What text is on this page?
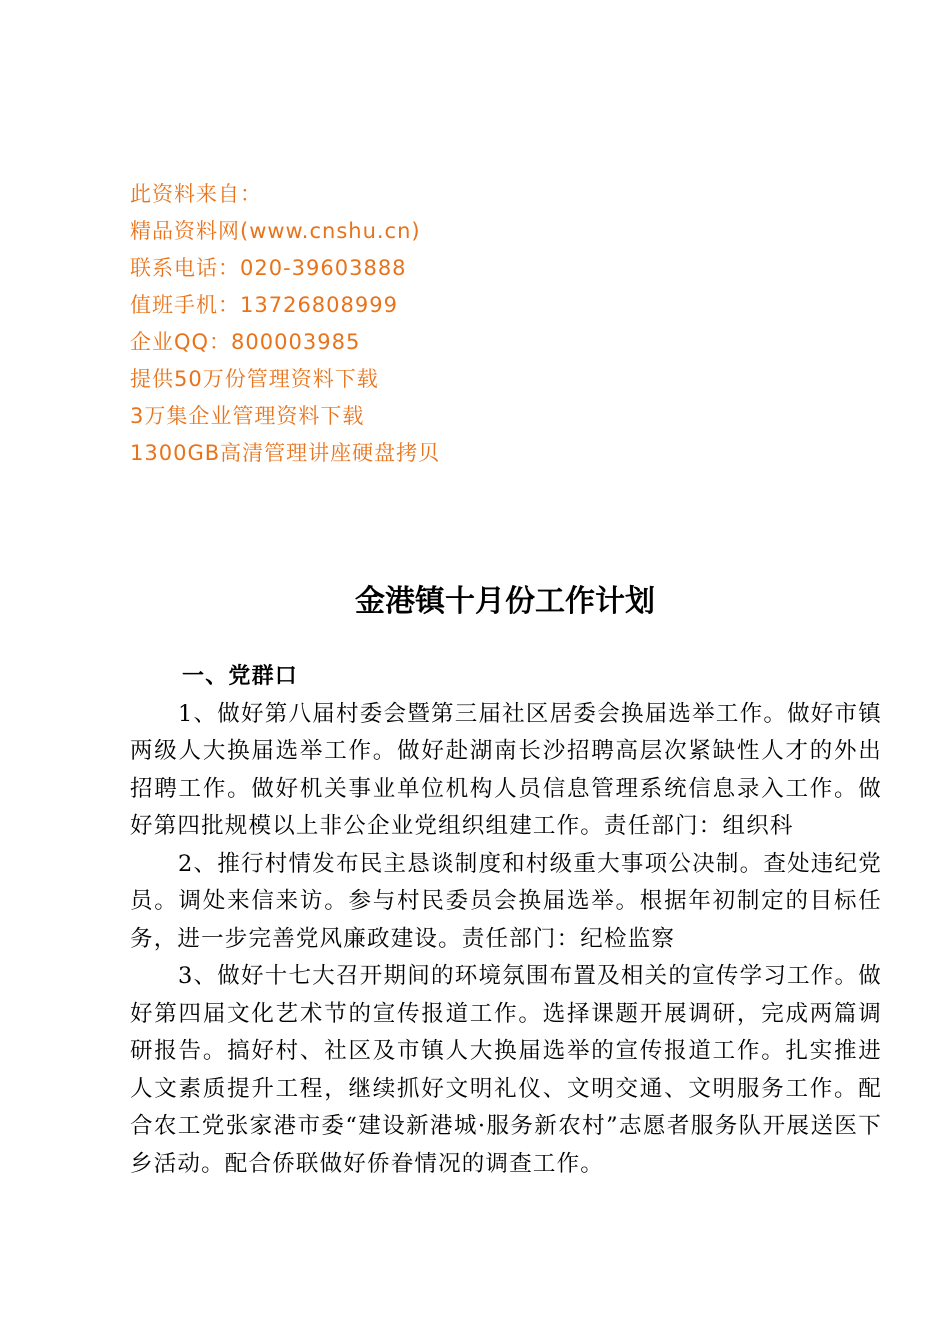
此资料来自：
精品资料网(www.cnshu.cn)
联系电话：020-39603888
值班手机：13726808999
企业QQ：800003985
提供50万份管理资料下载
3万集企业管理资料下载
1300GB高清管理讲座硬盘拷贝
金港镇十月份工作计划
一、党群口

1、做好第八届村委会暨第三届社区居委会换届选举工作。做好市镇两级人大换届选举工作。做好赴湖南长沙招聘高层次紧缺性人才的外出招聘工作。做好机关事业单位机构人员信息管理系统信息录入工作。做好第四批规模以上非公企业党组织组建工作。责任部门：组织科

2、推行村情发布民主恳谈制度和村级重大事项公决制。查处违纪党员。调处来信来访。参与村民委员会换届选举。根据年初制定的目标任务，进一步完善党风廉政建设。责任部门：纪检监察

3、做好十七大召开期间的环境氛围布置及相关的宣传学习工作。做好第四届文化艺术节的宣传报道工作。选择课题开展调研，完成两篇调研报告。搞好村、社区及市镇人大换届选举的宣传报道工作。扎实推进人文素质提升工程，继续抓好文明礼仪、文明交通、文明服务工作。配合农工党张家港市委“建设新港城·服务新农村”志愿者服务队开展送医下乡活动。配合侨联做好侨眷情况的调查工作。
